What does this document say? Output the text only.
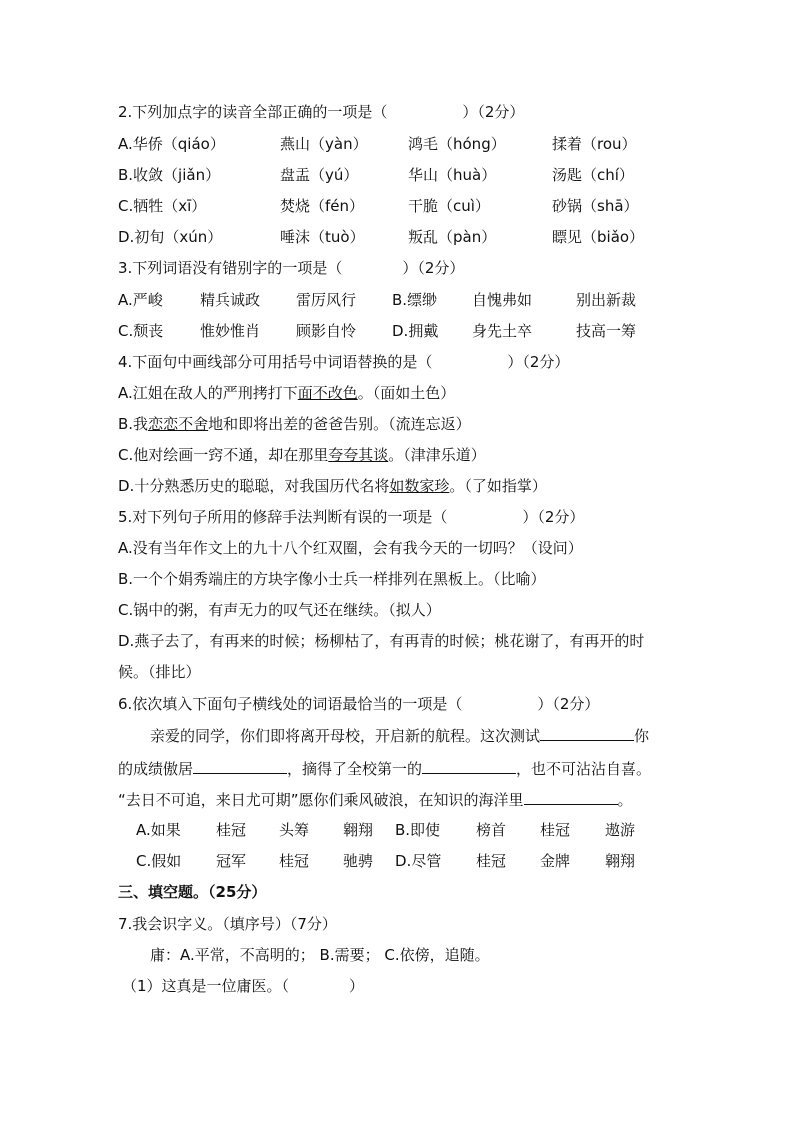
2.下列加点字的读音全部正确的一项是（　　　　　）（2分）
A.华侨（qiáo）	燕山（yàn）	鸿毛（hóng）	揉着（rou）
B.收敛（jiǎn）	盘盂（yú）	华山（huà）	汤匙（chí）
C.牺牲（xī）	焚烧（fén）	干脆（cuì）	砂锅（shā）
D.初旬（xún）	唾沫（tuò）	叛乱（pàn）	瞟见（biǎo）
3.下列词语没有错别字的一项是（　　　　）（2分）
A.严峻 精兵诚政 雷厉风行 B.缥缈 自愧弗如	别出新裁
C.颓丧 惟妙惟肖 顾影自怜 D.拥戴 身先土卒	技高一筹
4.下面句中画线部分可用括号中词语替换的是（　　　　　）（2分）
A.江姐在敌人的严刑拷打下面不改色。（面如土色）
B.我恋恋不舍地和即将出差的爸爸告别。（流连忘返）
C.他对绘画一窍不通，却在那里夸夸其谈。（津津乐道）
D.十分熟悉历史的聪聪，对我国历代名将如数家珍。（了如指掌）
5.对下列句子所用的修辞手法判断有误的一项是（　　　　　）（2分）
A.没有当年作文上的九十八个红双圈，会有我今天的一切吗？（设问）
B.一个个娟秀端庄的方块字像小士兵一样排列在黑板上。（比喻）
C.锅中的粥，有声无力的叹气还在继续。（拟人）
D.燕子去了，有再来的时候；杨柳枯了，有再青的时候；桃花谢了，有再开的时
候。（排比）
6.依次填入下面句子横线处的词语最恰当的一项是（　　　　　）（2分）
亲爱的同学，你们即将离开母校，开启新的航程。这次测试	你
的成绩傲居	，摘得了全校第一的	，也不可沾沾自喜。
“去日不可追，来日尤可期”愿你们乘风破浪，在知识的海洋里	。
A.如果 桂冠 头筹 翱翔 B.即使 榜首 桂冠 遨游
C.假如 冠军 桂冠 驰骋 D.尽管 桂冠 金牌 翱翔
三、填空题。（25分）
7.我会识字义。（填序号）（7分）
庸：A.平常，不高明的； B.需要； C.依傍，追随。
（1）这真是一位庸医。（　　　　）
